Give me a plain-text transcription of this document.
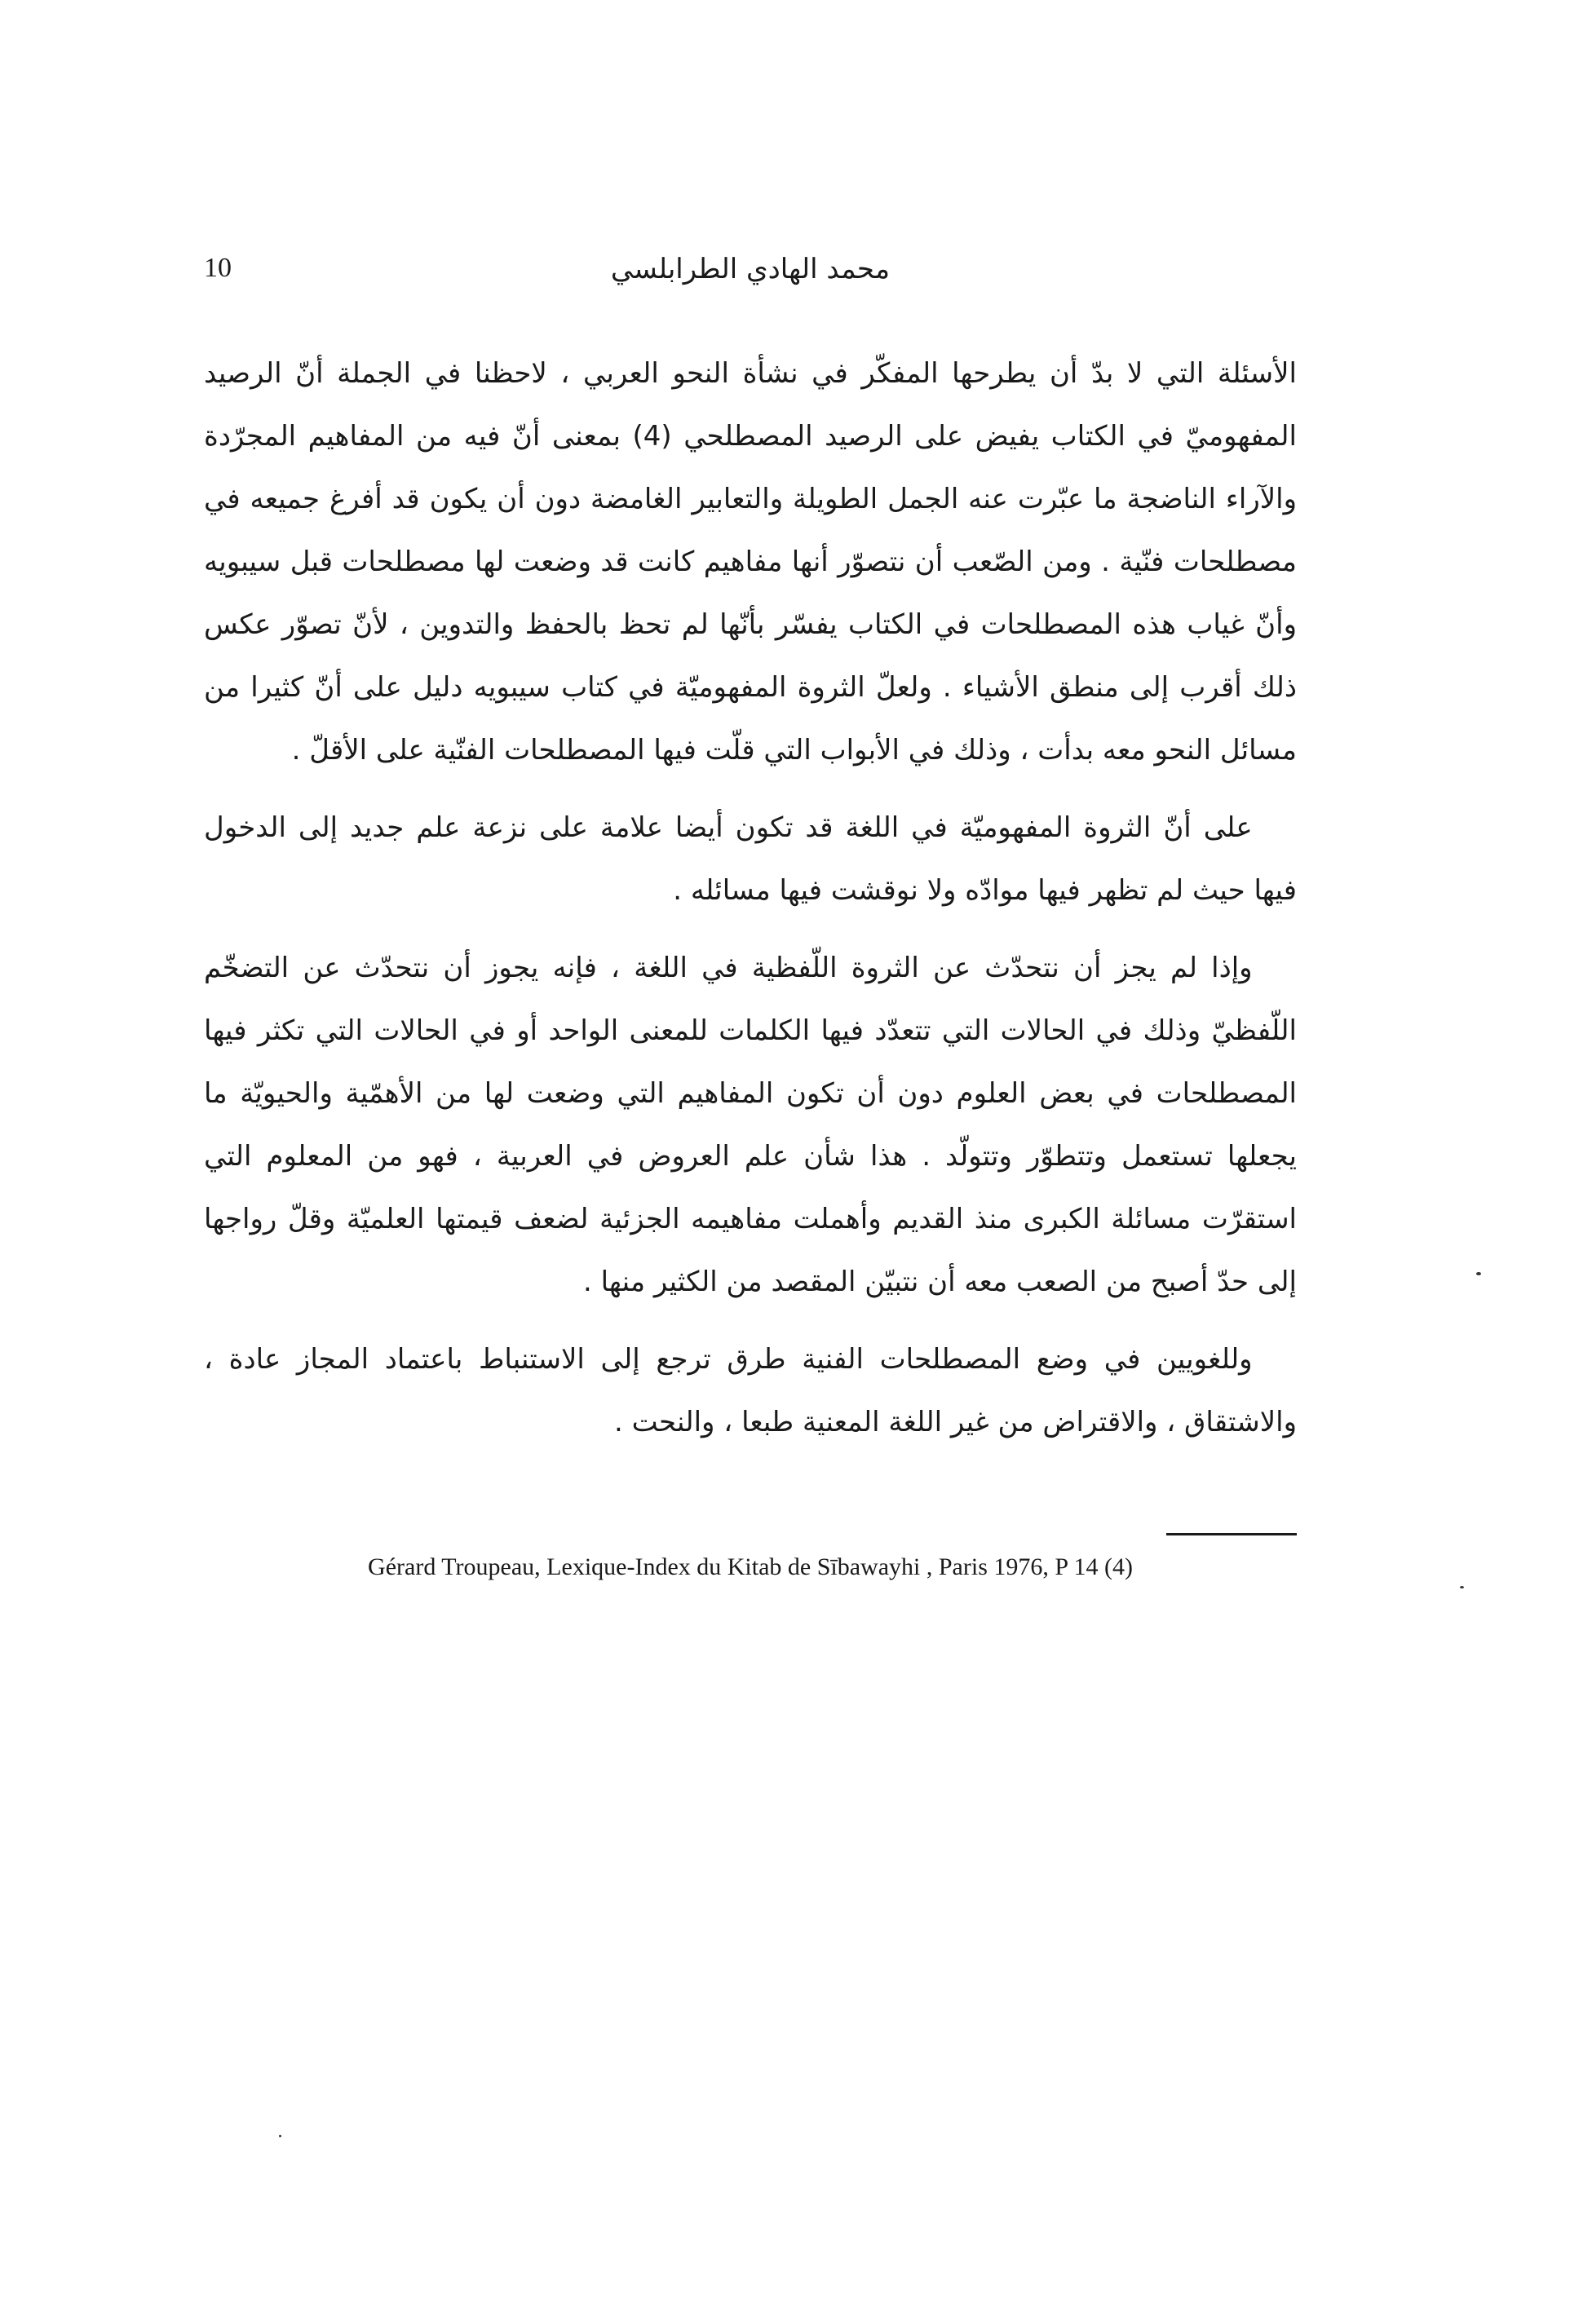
10	محمد الهادي الطرابلسي

الأسئلة التي لا بدّ أن يطرحها المفكّر في نشأة النحو العربي ، لاحظنا في الجملة أنّ الرصيد المفهوميّ في الكتاب يفيض على الرصيد المصطلحي (4) بمعنى أنّ فيه من المفاهيم المجرّدة والآراء الناضجة ما عبّرت عنه الجمل الطويلة والتعابير الغامضة دون أن يكون قد أفرغ جميعه في مصطلحات فنّية . ومن الصّعب أن نتصوّر أنها مفاهيم كانت قد وضعت لها مصطلحات قبل سيبويه وأنّ غياب هذه المصطلحات في الكتاب يفسّر بأنّها لم تحظ بالحفظ والتدوين ، لأنّ تصوّر عكس ذلك أقرب إلى منطق الأشياء . ولعلّ الثروة المفهوميّة في كتاب سيبويه دليل على أنّ كثيرا من مسائل النحو معه بدأت ، وذلك في الأبواب التي قلّت فيها المصطلحات الفنّية على الأقلّ .

على أنّ الثروة المفهوميّة في اللغة قد تكون أيضا علامة على نزعة علم جديد إلى الدخول فيها حيث لم تظهر فيها موادّه ولا نوقشت فيها مسائله .

وإذا لم يجز أن نتحدّث عن الثروة اللّفظية في اللغة ، فإنه يجوز أن نتحدّث عن التضخّم اللّفظيّ وذلك في الحالات التي تتعدّد فيها الكلمات للمعنى الواحد أو في الحالات التي تكثر فيها المصطلحات في بعض العلوم دون أن تكون المفاهيم التي وضعت لها من الأهمّية والحيويّة ما يجعلها تستعمل وتتطوّر وتتولّد . هذا شأن علم العروض في العربية ، فهو من المعلوم التي استقرّت مسائلة الكبرى منذ القديم وأهملت مفاهيمه الجزئية لضعف قيمتها العلميّة وقلّ رواجها إلى حدّ أصبح من الصعب معه أن نتبيّن المقصد من الكثير منها .

وللغويين في وضع المصطلحات الفنية طرق ترجع إلى الاستنباط باعتماد المجاز عادة ، والاشتقاق ، والاقتراض من غير اللغة المعنية طبعا ، والنحت .

Gérard Troupeau, Lexique-Index du Kitab de Sībawayhi , Paris 1976, P 14 (4)
